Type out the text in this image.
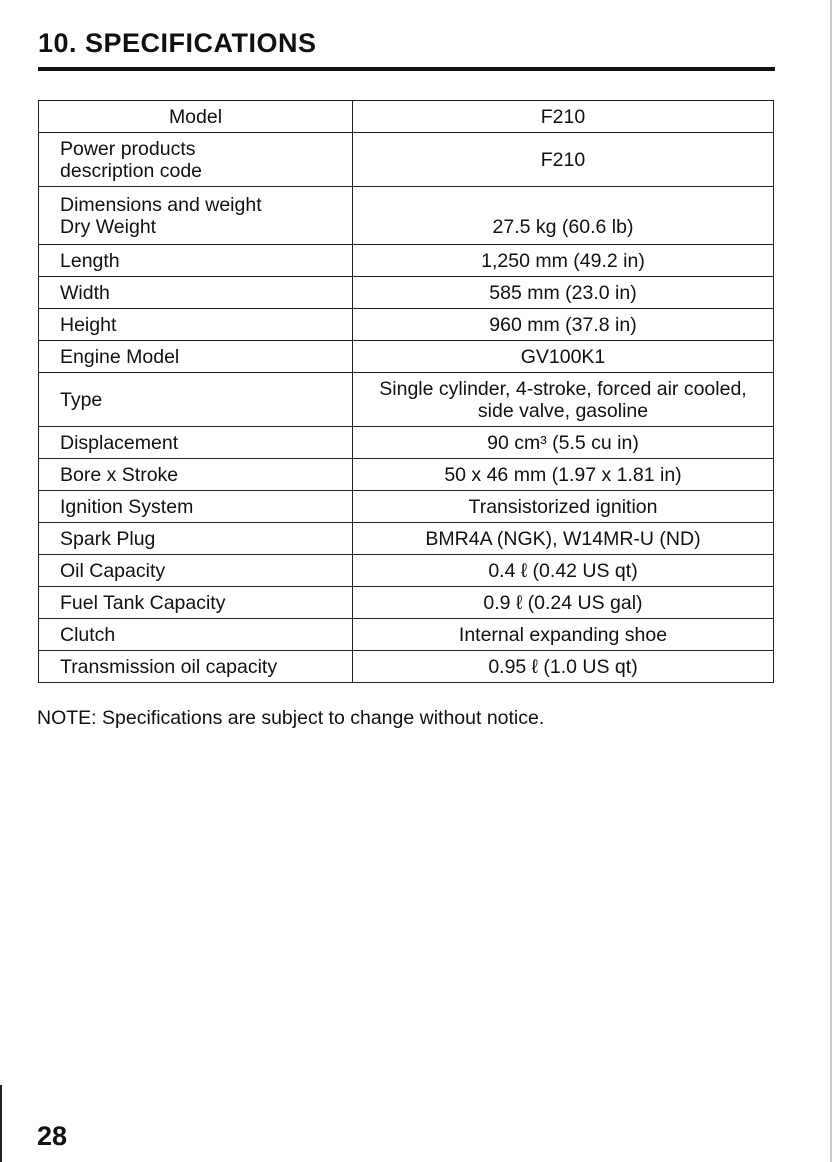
10. SPECIFICATIONS
Model	F210

Power products
description code	F210

Dimensions and weight
Dry Weight	27.5 kg (60.6 lb)

Length	1,250 mm (49.2 in)

Width	585 mm (23.0 in)

Height	960 mm (37.8 in)

Engine Model	GV100K1

Type	Single cylinder, 4-stroke, forced air cooled,
side valve, gasoline

Displacement	90 cm³ (5.5 cu in)

Bore x Stroke	50 x 46 mm (1.97 x 1.81 in)

Ignition System	Transistorized ignition

Spark Plug	BMR4A (NGK), W14MR-U (ND)

Oil Capacity	0.4 ℓ (0.42 US qt)

Fuel Tank Capacity	0.9 ℓ (0.24 US gal)

Clutch	Internal expanding shoe

Transmission oil capacity	0.95 ℓ (1.0 US qt)
NOTE: Specifications are subject to change without notice.
28
